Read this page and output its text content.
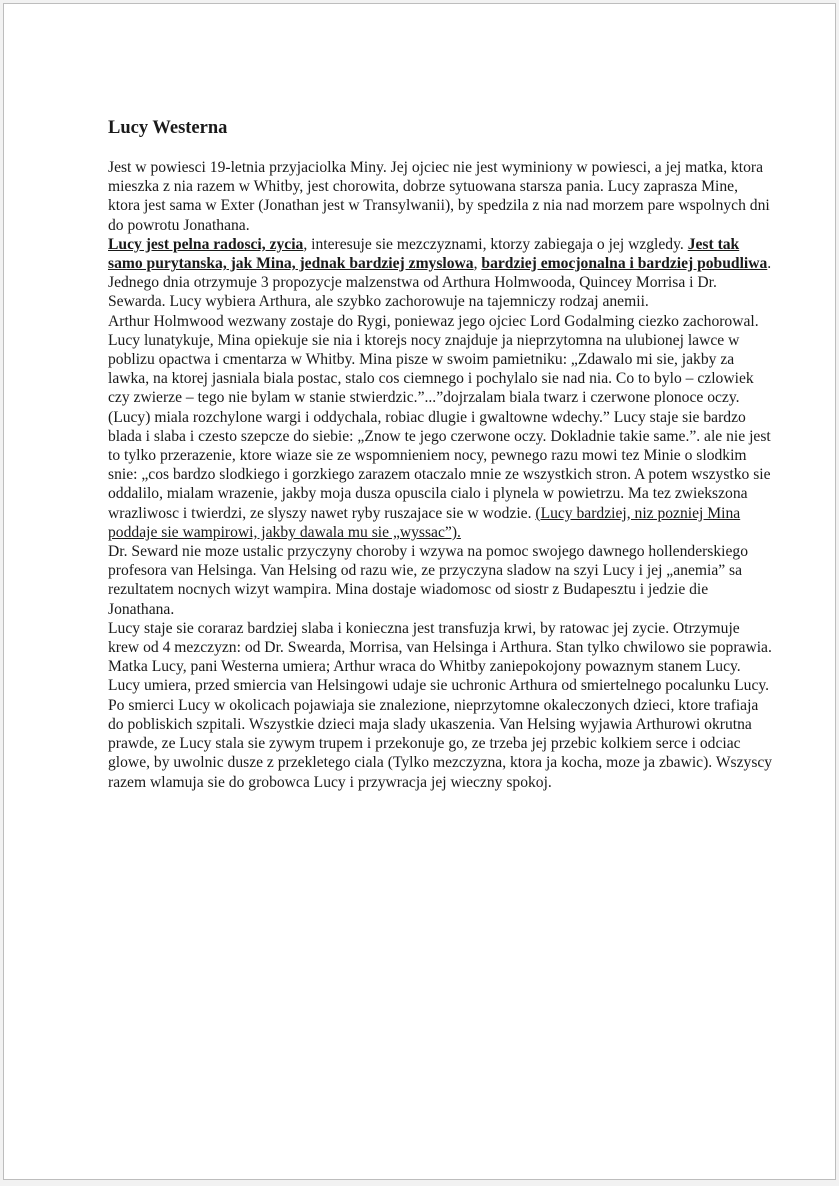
Lucy Westerna

Jest w powiesci 19-letnia przyjaciolka Miny. Jej ojciec nie jest wyminiony w powiesci, a jej matka, ktora mieszka z nia razem w Whitby, jest chorowita, dobrze sytuowana starsza pania. Lucy zaprasza Mine, ktora jest sama w Exter (Jonathan jest w Transylwanii), by spedzila z nia nad morzem pare wspolnych dni do powrotu Jonathana.

Lucy jest pelna radosci, zycia, interesuje sie mezczyznami, ktorzy zabiegaja o jej wzgledy. Jest tak samo purytanska, jak Mina, jednak bardziej zmyslowa, bardziej emocjonalna i bardziej pobudliwa. Jednego dnia otrzymuje 3 propozycje malzenstwa od Arthura Holmwooda, Quincey Morrisa i Dr. Sewarda. Lucy wybiera Arthura, ale szybko zachorowuje na tajemniczy rodzaj anemii.

Arthur Holmwood wezwany zostaje do Rygi, poniewaz jego ojciec Lord Godalming ciezko zachorowal. Lucy lunatykuje, Mina opiekuje sie nia i ktorejs nocy znajduje ja nieprzytomna na ulubionej lawce w poblizu opactwa i cmentarza w Whitby. Mina pisze w swoim pamietniku: „Zdawalo mi sie, jakby za lawka, na ktorej jasniala biala postac, stalo cos ciemnego i pochylalo sie nad nia. Co to bylo – czlowiek czy zwierze – tego nie bylam w stanie stwierdzic.”...”dojrzalam biala twarz i czerwone plonoce oczy. (Lucy) miala rozchylone wargi i oddychala, robiac dlugie i gwaltowne wdechy.” Lucy staje sie bardzo blada i slaba i czesto szepcze do siebie: „Znow te jego czerwone oczy. Dokladnie takie same.”. ale nie jest to tylko przerazenie, ktore wiaze sie ze wspomnieniem nocy, pewnego razu mowi tez Minie o slodkim snie: „cos bardzo slodkiego i gorzkiego zarazem otaczalo mnie ze wszystkich stron. A potem wszystko sie oddalilo, mialam wrazenie, jakby moja dusza opuscila cialo i plynela w powietrzu. Ma tez zwiekszona wrazliwosc i twierdzi, ze slyszy nawet ryby ruszajace sie w wodzie. (Lucy bardziej, niz pozniej Mina poddaje sie wampirowi, jakby dawala mu sie „wyssac”).

Dr. Seward nie moze ustalic przyczyny choroby i wzywa na pomoc swojego dawnego hollenderskiego profesora van Helsinga. Van Helsing od razu wie, ze przyczyna sladow na szyi Lucy i jej „anemia” sa rezultatem nocnych wizyt wampira. Mina dostaje wiadomosc od siostr z Budapesztu i jedzie die Jonathana.

Lucy staje sie coraraz bardziej slaba i konieczna jest transfuzja krwi, by ratowac jej zycie. Otrzymuje krew od 4 mezczyzn: od Dr. Swearda, Morrisa, van Helsinga i Arthura. Stan tylko chwilowo sie poprawia. Matka Lucy, pani Westerna umiera; Arthur wraca do Whitby zaniepokojony powaznym stanem Lucy.

Lucy umiera, przed smiercia van Helsingowi udaje sie uchronic Arthura od smiertelnego pocalunku Lucy.

Po smierci Lucy w okolicach pojawiaja sie znalezione, nieprzytomne okaleczonych dzieci, ktore trafiaja do pobliskich szpitali. Wszystkie dzieci maja slady ukaszenia. Van Helsing wyjawia Arthurowi okrutna prawde, ze Lucy stala sie zywym trupem i przekonuje go, ze trzeba jej przebic kolkiem serce i odciac glowe, by uwolnic dusze z przekletego ciala (Tylko mezczyzna, ktora ja kocha, moze ja zbawic). Wszyscy razem wlamuja sie do grobowca Lucy i przywracja jej wieczny spokoj.
